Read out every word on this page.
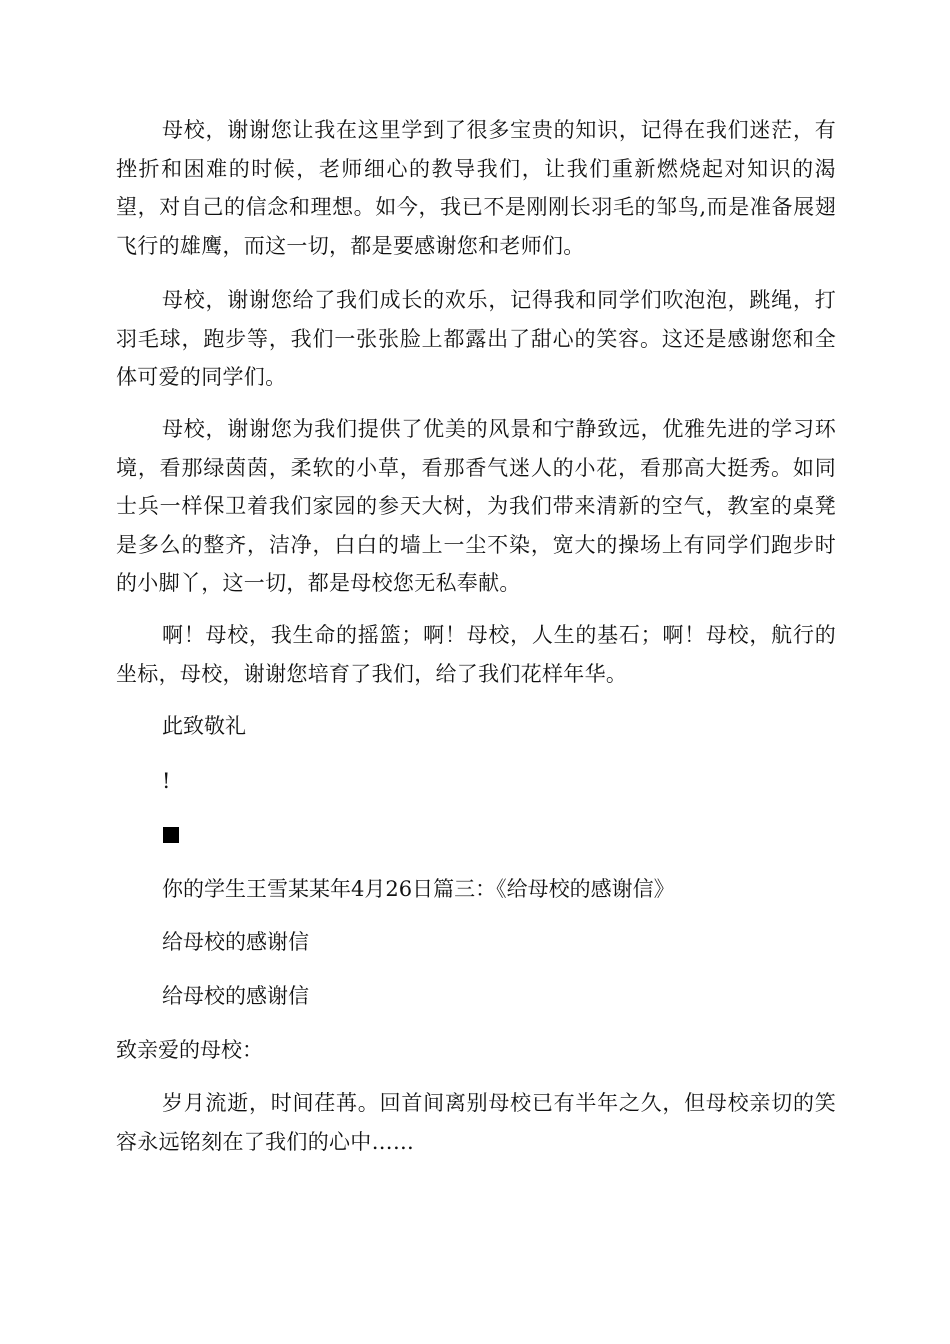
母校，谢谢您让我在这里学到了很多宝贵的知识，记得在我们迷茫，有挫折和困难的时候，老师细心的教导我们，让我们重新燃烧起对知识的渴望，对自己的信念和理想。如今，我已不是刚刚长羽毛的邹鸟,而是准备展翅飞行的雄鹰，而这一切，都是要感谢您和老师们。

母校，谢谢您给了我们成长的欢乐，记得我和同学们吹泡泡，跳绳，打羽毛球，跑步等，我们一张张脸上都露出了甜心的笑容。这还是感谢您和全体可爱的同学们。

母校，谢谢您为我们提供了优美的风景和宁静致远，优雅先进的学习环境，看那绿茵茵，柔软的小草，看那香气迷人的小花，看那高大挺秀。如同士兵一样保卫着我们家园的参天大树，为我们带来清新的空气，教室的桌凳是多么的整齐，洁净，白白的墙上一尘不染，宽大的操场上有同学们跑步时的小脚丫，这一切，都是母校您无私奉献。

啊！母校，我生命的摇篮；啊！母校，人生的基石；啊！母校，航行的坐标，母校，谢谢您培育了我们，给了我们花样年华。

此致敬礼

!

你的学生王雪某某年4月26日篇三：《给母校的感谢信》

给母校的感谢信

给母校的感谢信

致亲爱的母校：

岁月流逝，时间荏苒。回首间离别母校已有半年之久，但母校亲切的笑容永远铭刻在了我们的心中……
